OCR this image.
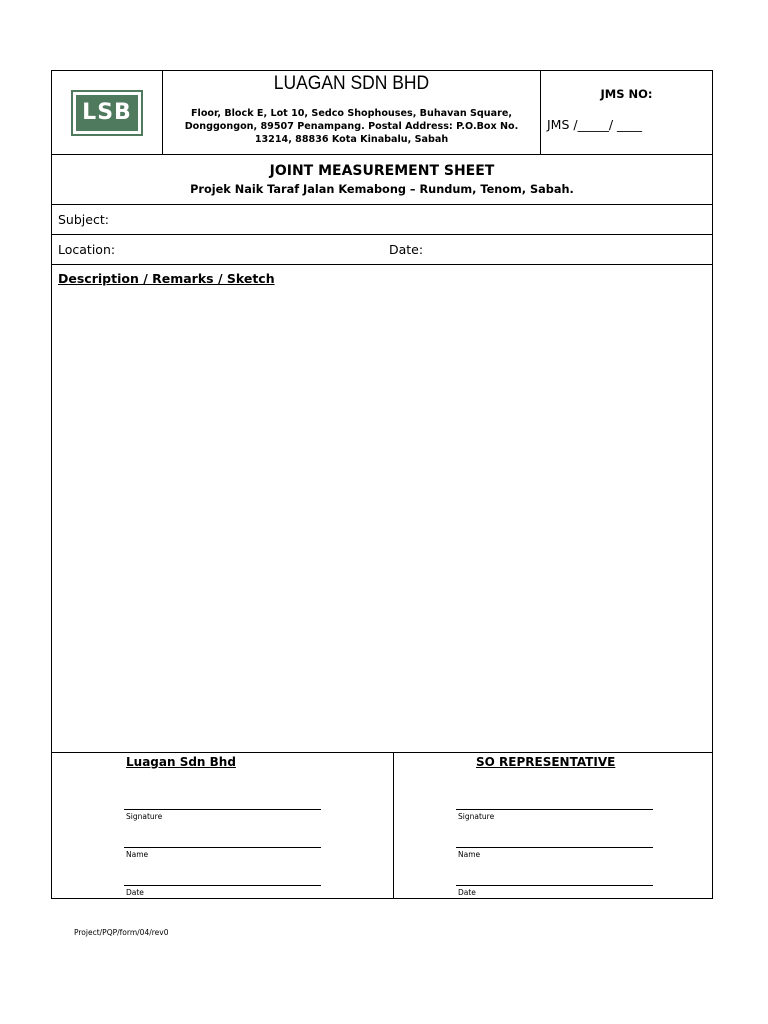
LSB
LUAGAN SDN BHD
Floor, Block E, Lot 10, Sedco Shophouses, Buhavan Square, Donggongon, 89507 Penampang. Postal Address: P.O.Box No. 13214, 88836 Kota Kinabalu, Sabah
JMS NO:
JMS /_____/ ____
JOINT MEASUREMENT SHEET
Projek Naik Taraf Jalan Kemabong – Rundum, Tenom, Sabah.
Subject:
Location:	Date:
Description / Remarks / Sketch
Luagan Sdn Bhd
Signature
Name
Date
SO REPRESENTATIVE
Signature
Name
Date
Project/PQP/form/04/rev0
